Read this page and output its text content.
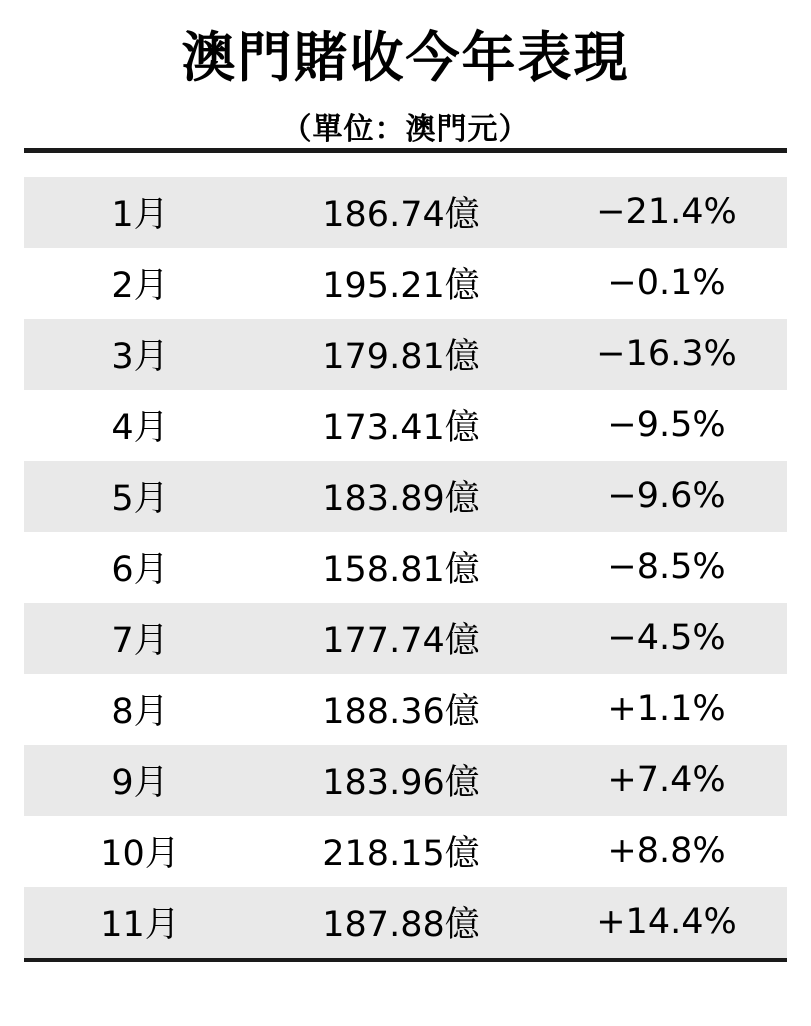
澳門賭收今年表現
（單位：澳門元）
1月	186.74億	−21.4%
2月	195.21億	−0.1%
3月	179.81億	−16.3%
4月	173.41億	−9.5%
5月	183.89億	−9.6%
6月	158.81億	−8.5%
7月	177.74億	−4.5%
8月	188.36億	+1.1%
9月	183.96億	+7.4%
10月	218.15億	+8.8%
11月	187.88億	+14.4%
